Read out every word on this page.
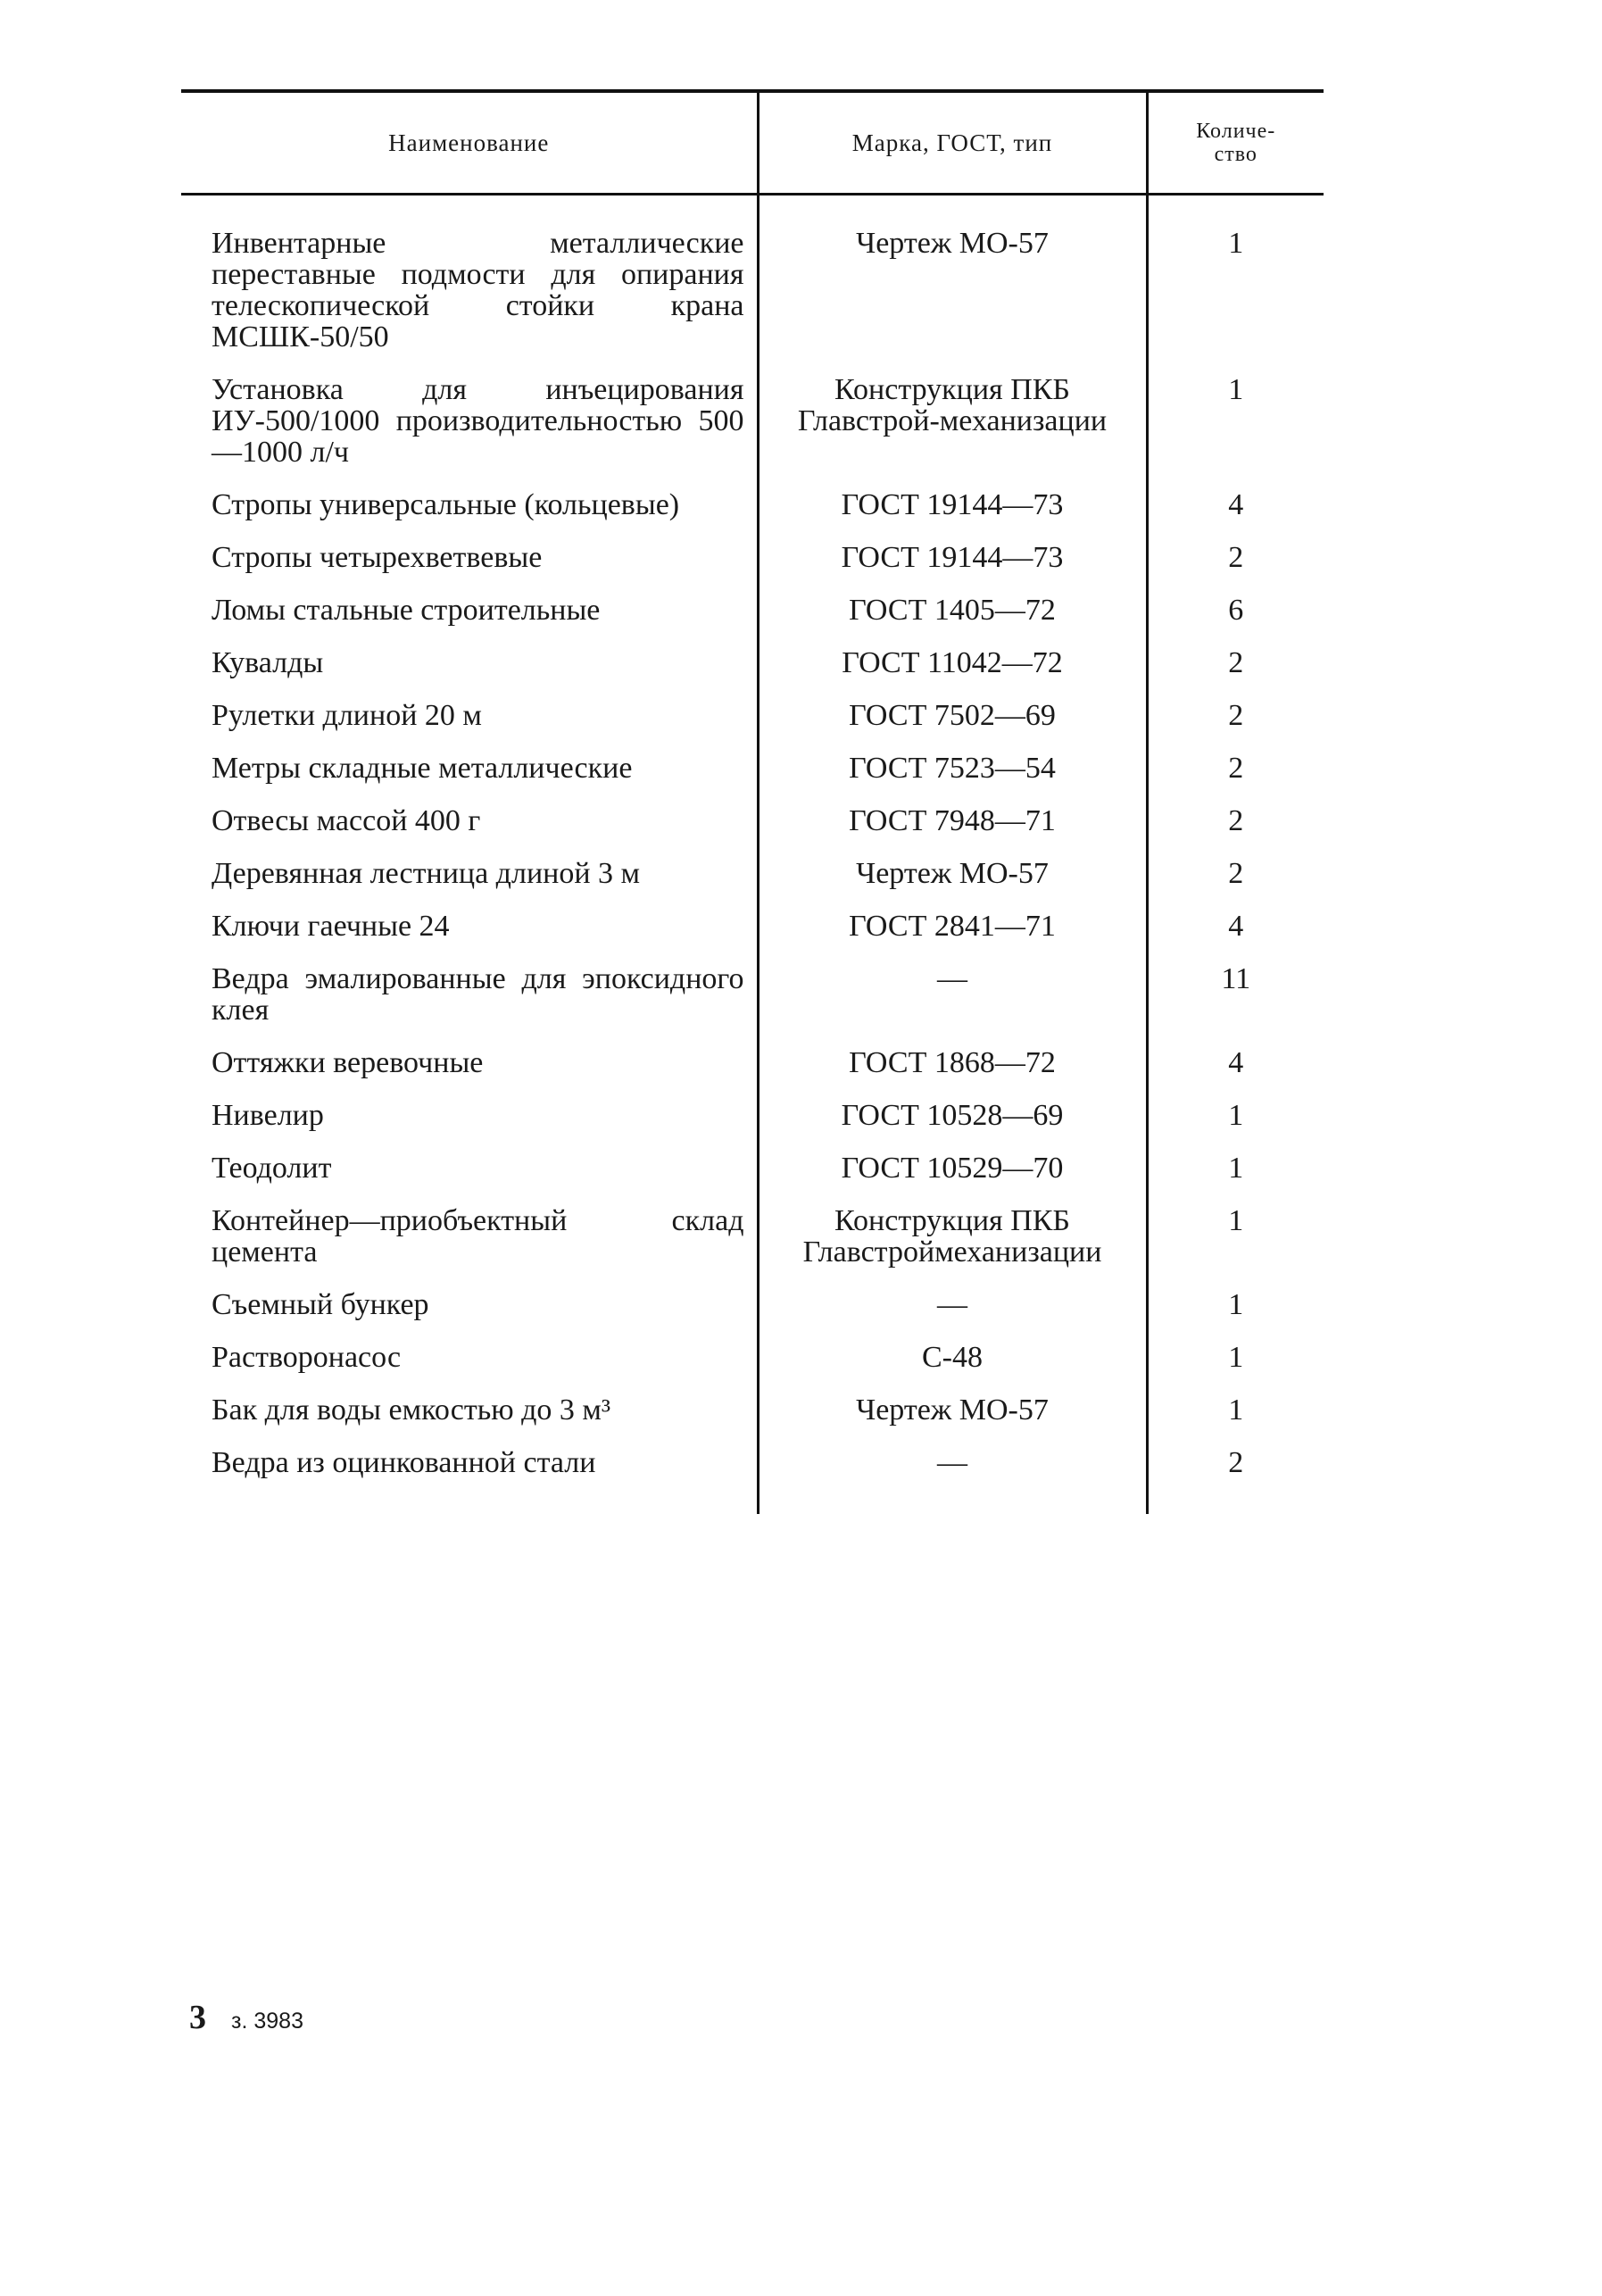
Наименование	Марка, ГОСТ, тип	Количе-
ство
Инвентарные металлические переставные подмости для опирания телескопической стойки крана МСШК-50/50	Чертеж МО-57	1
Установка для инъецирования ИУ-500/1000 производительностью 500—1000 л/ч	Конструкция ПКБ Главстрой-механизации	1
Стропы универсальные (кольцевые)	ГОСТ 19144—73	4
Стропы четырехветвевые	ГОСТ 19144—73	2
Ломы стальные строительные	ГОСТ 1405—72	6
Кувалды	ГОСТ 11042—72	2
Рулетки длиной 20 м	ГОСТ 7502—69	2
Метры складные металлические	ГОСТ 7523—54	2
Отвесы массой 400 г	ГОСТ 7948—71	2
Деревянная лестница длиной 3 м	Чертеж МО-57	2
Ключи гаечные 24	ГОСТ 2841—71	4
Ведра эмалированные для эпоксидного клея	—	11
Оттяжки веревочные	ГОСТ 1868—72	4
Нивелир	ГОСТ 10528—69	1
Теодолит	ГОСТ 10529—70	1
Контейнер—приобъектный склад цемента	Конструкция ПКБ Главстроймеханизации	1
Съемный бункер	—	1
Растворонасос	С-48	1
Бак для воды емкостью до 3 м³	Чертеж МО-57	1
Ведра из оцинкованной стали	—	2
3 з. 3983
